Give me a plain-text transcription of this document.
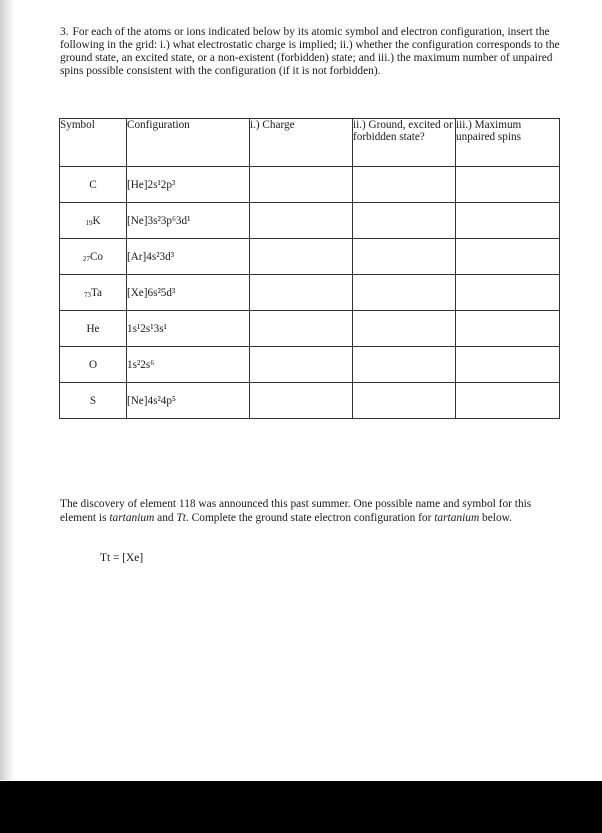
3. For each of the atoms or ions indicated below by its atomic symbol and electron configuration, insert the following in the grid: i.) what electrostatic charge is implied; ii.) whether the configuration corresponds to the ground state, an excited state, or a non-existent (forbidden) state; and iii.) the maximum number of unpaired spins possible consistent with the configuration (if it is not forbidden).
Symbol	Configuration	i.) Charge	ii.) Ground, excited or forbidden state?	iii.) Maximum unpaired spins
C	[He]2s¹2p³			
19K	[Ne]3s²3p⁶3d¹			
27Co	[Ar]4s²3d³			
73Ta	[Xe]6s²5d³			
He	1s¹2s¹3s¹			
O	1s²2s⁶			
S	[Ne]4s²4p⁵			
The discovery of element 118 was announced this past summer. One possible name and symbol for this element is tartanium and Tt. Complete the ground state electron configuration for tartanium below.
Tt = [Xe]
